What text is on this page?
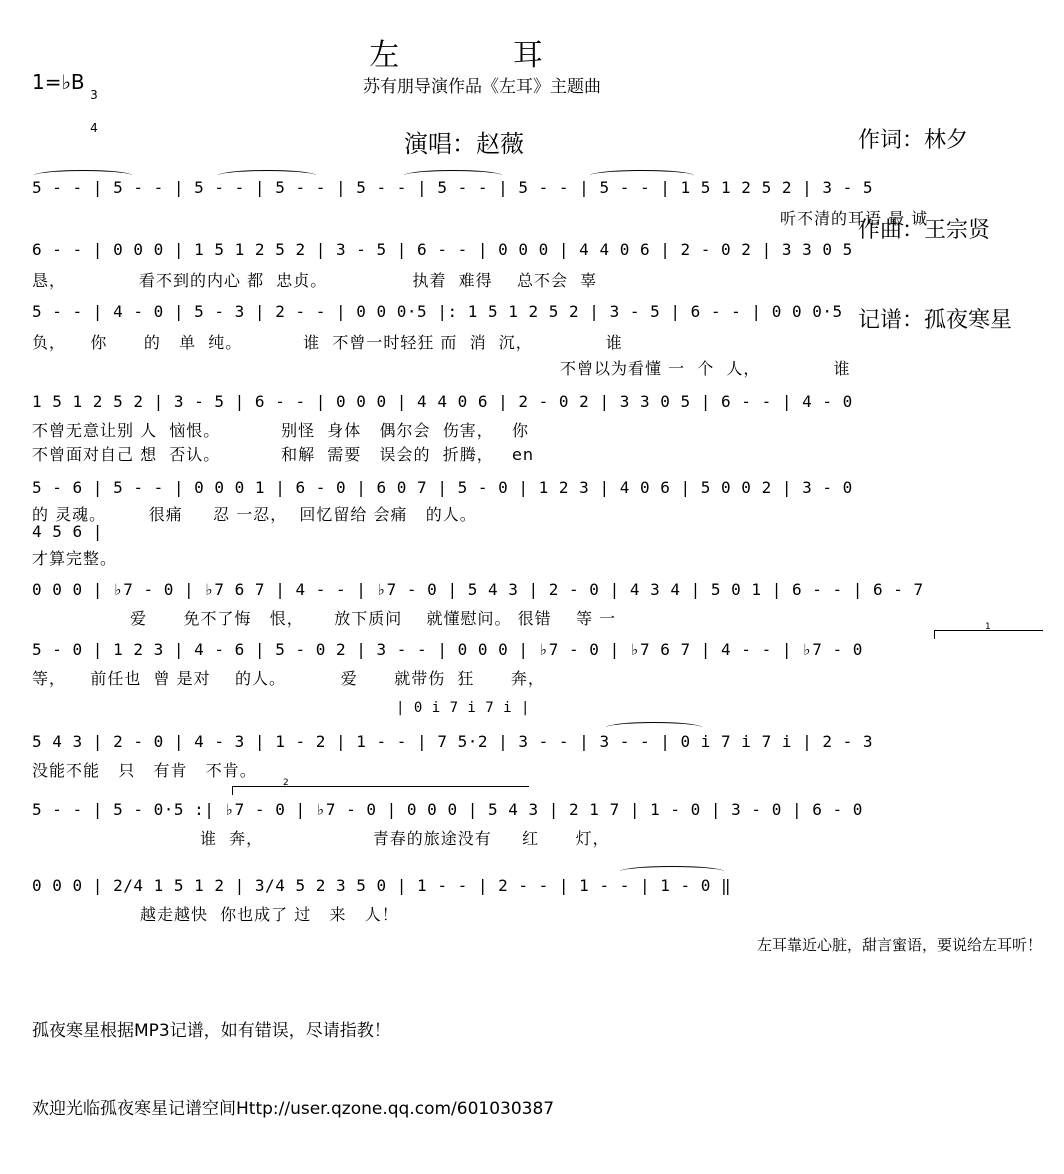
左 耳
1=♭B

3

4

苏有朋导演作品《左耳》主题曲
演唱：赵薇

	作词：林夕

作曲：王宗贤

记谱：孤夜寒星

5 - - | 5 - - | 5 - - | 5 - - | 5 - - | 5 - - | 5 - - | 5 - - | 1 5 1 2 5 2 | 3 - 5
听不清的耳语 最 诚
6 - - | 0 0 0 | 1 5 1 2 5 2 | 3 - 5 | 6 - - | 0 0 0 | 4 4 0 6 | 2 - 0 2 | 3 3 0 5
恳，            看不到的内心 都  忠贞。              执着  难得    总不会  辜
5 - - | 4 - 0 | 5 - 3 | 2 - - | 0 0 0·5 |: 1 5 1 2 5 2 | 3 - 5 | 6 - - | 0 0 0·5
负，    你      的   单  纯。          谁  不曾一时轻狂 而  消  沉，            谁
不曾以为看懂 一  个  人，            谁
1 5 1 2 5 2 | 3 - 5 | 6 - - | 0 0 0 | 4 4 0 6 | 2 - 0 2 | 3 3 0 5 | 6 - - | 4 - 0
不曾无意让别 人  恼恨。          别怪  身体   偶尔会  伤害，   你
不曾面对自己 想  否认。          和解  需要   误会的  折腾，   en
5 - 6 | 5 - - | 0 0 0 1 | 6 - 0 | 6 0 7 | 5 - 0 | 1 2 3 | 4 0 6 | 5 0 0 2 | 3 - 0
的 灵魂。       很痛     忍 一忍，  回忆留给 会痛   的人。
4 5 6 |
才算完整。
0 0 0 | ♭7 - 0 | ♭7 6 7 | 4 - - | ♭7 - 0 | 5 4 3 | 2 - 0 | 4 3 4 | 5 0 1 | 6 - - | 6 - 7
爱      免不了悔   恨，     放下质问    就懂慰问。 很错    等 一	1
5 - 0 | 1 2 3 | 4 - 6 | 5 - 0 2 | 3 - - | 0 0 0 | ♭7 - 0 | ♭7 6 7 | 4 - - | ♭7 - 0
等，    前任也  曾 是对    的人。         爱      就带伤  狂      奔，
| 0 i 7 i 7 i |
5 4 3 | 2 - 0 | 4 - 3 | 1 - 2 | 1 - - | 7 5·2 | 3 - - | 3 - - | 0 i 7 i 7 i | 2 - 3
没能不能   只   有肯   不肯。
2
5 - - | 5 - 0·5 :| ♭7 - 0 | ♭7 - 0 | 0 0 0 | 5 4 3 | 2 1 7 | 1 - 0 | 3 - 0 | 6 - 0
谁  奔，                  青春的旅途没有     红      灯，
0 0 0 | 2/4 1 5 1 2 | 3/4 5 2 3 5 0 | 1 - - | 2 - - | 1 - - | 1 - 0 ‖
越走越快  你也成了 过   来   人！
左耳靠近心脏，甜言蜜语，要说给左耳听！

孤夜寒星根据MP3记谱，如有错误，尽请指教！

欢迎光临孤夜寒星记谱空间Http://user.qzone.qq.com/601030387
